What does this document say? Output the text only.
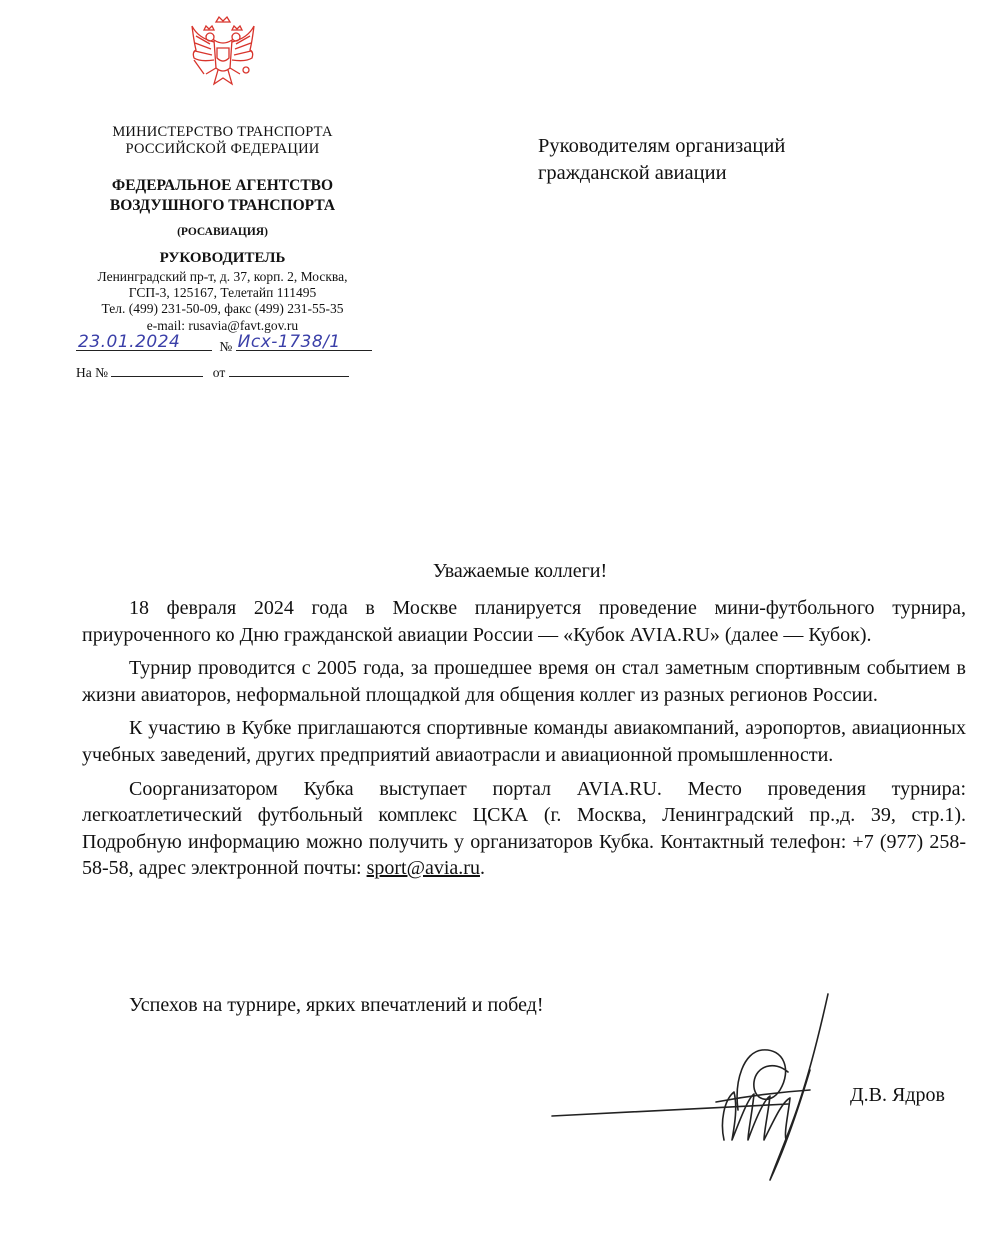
МИНИСТЕРСТВО ТРАНСПОРТА
РОССИЙСКОЙ ФЕДЕРАЦИИ
ФЕДЕРАЛЬНОЕ АГЕНТСТВО
ВОЗДУШНОГО ТРАНСПОРТА
(РОСАВИАЦИЯ)
РУКОВОДИТЕЛЬ
Ленинградский пр-т, д. 37, корп. 2, Москва,
ГСП-3, 125167, Телетайп 111495
Тел. (499) 231-50-09, факс (499) 231-55-35
e-mail: rusavia@favt.gov.ru
23.01.2024	№ Исх-1738/1
На №	от
Руководителям организаций
гражданской авиации
Уважаемые коллеги!

18 февраля 2024 года в Москве планируется проведение мини-футбольного турнира, приуроченного ко Дню гражданской авиации России — «Кубок AVIA.RU» (далее — Кубок).

Турнир проводится с 2005 года, за прошедшее время он стал заметным спортивным событием в жизни авиаторов, неформальной площадкой для общения коллег из разных регионов России.

К участию в Кубке приглашаются спортивные команды авиакомпаний, аэропортов, авиационных учебных заведений, других предприятий авиаотрасли и авиационной промышленности.

Соорганизатором Кубка выступает портал AVIA.RU. Место проведения турнира: легкоатлетический футбольный комплекс ЦСКА (г. Москва, Ленинградский пр.,д. 39, стр.1). Подробную информацию можно получить у организаторов Кубка. Контактный телефон: +7 (977) 258-58-58, адрес электронной почты: sport@avia.ru.

Успехов на турнире, ярких впечатлений и побед!
Д.В. Ядров
